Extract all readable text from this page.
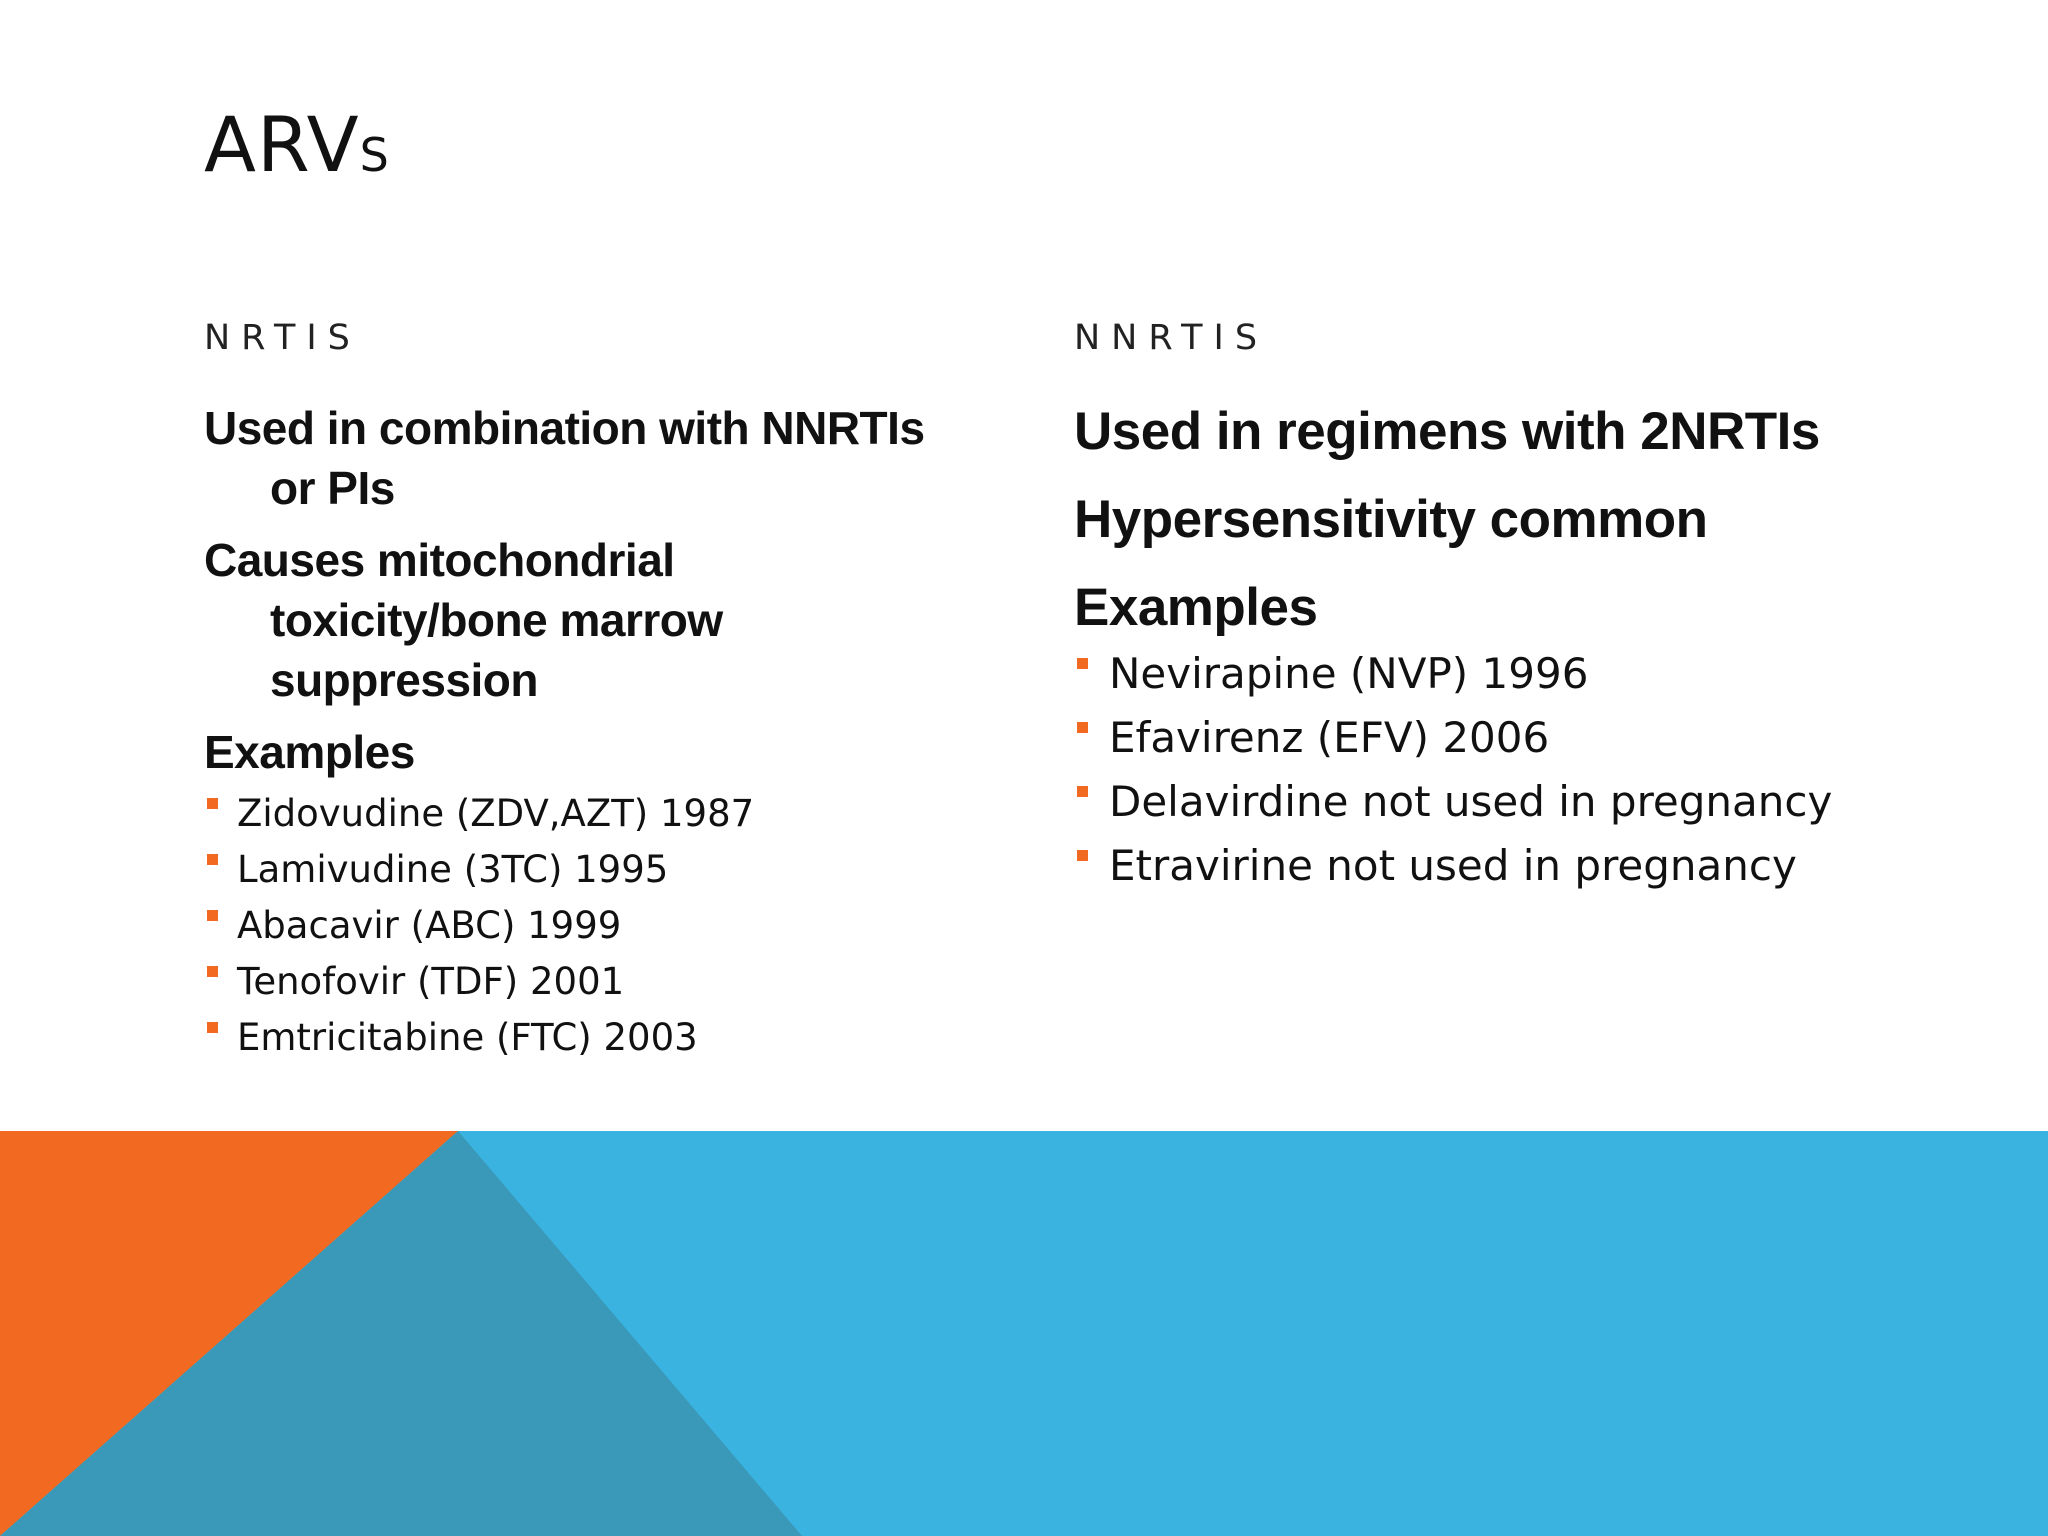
ARVS
NRTIS	NNRTIS

Used in combination with NNRTIs or PIs

Causes mitochondrial toxicity/bone marrow suppression

Examples

Zidovudine (ZDV,AZT) 1987
Lamivudine (3TC) 1995
Abacavir (ABC) 1999
Tenofovir (TDF) 2001
Emtricitabine (FTC) 2003

Used in regimens with 2NRTIs

Hypersensitivity common

Examples

Nevirapine (NVP) 1996
Efavirenz (EFV) 2006
Delavirdine not used in pregnancy
Etravirine not used in pregnancy
